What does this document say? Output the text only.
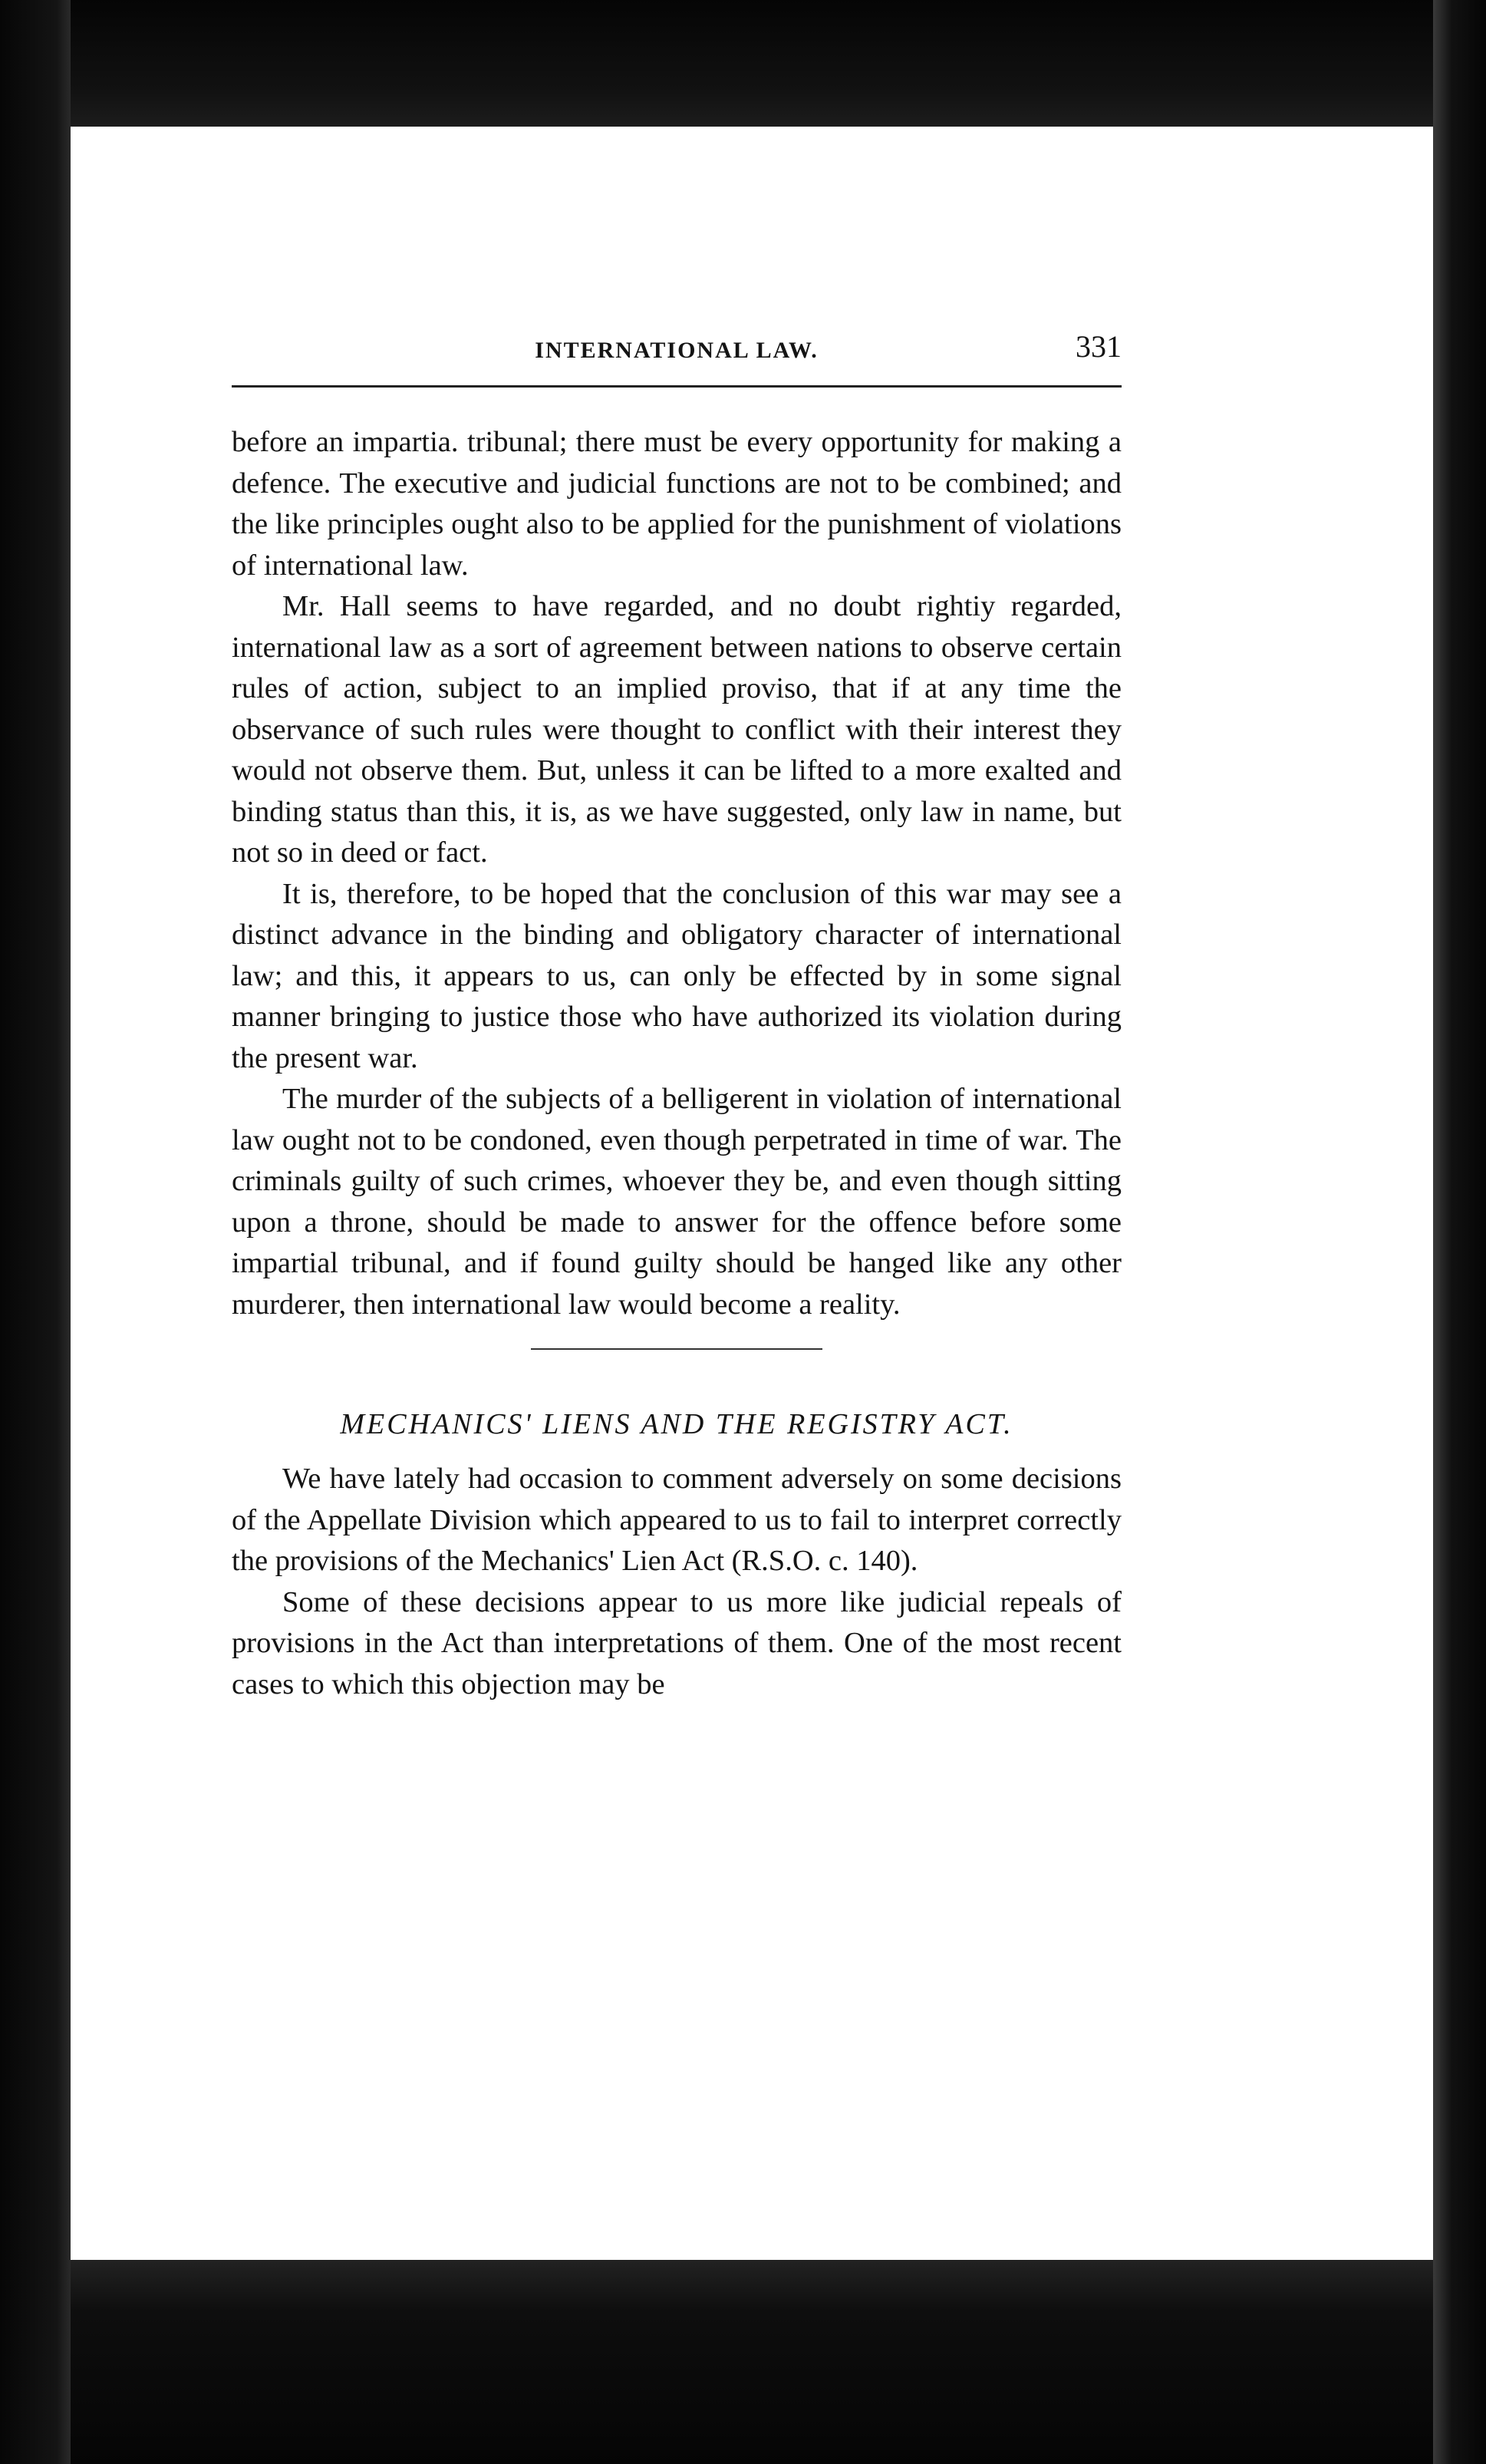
INTERNATIONAL LAW.	331

before an impartia. tribunal; there must be every opportunity for making a defence. The executive and judicial functions are not to be combined; and the like principles ought also to be applied for the punishment of violations of international law.

Mr. Hall seems to have regarded, and no doubt rightiy regarded, international law as a sort of agreement between nations to observe certain rules of action, subject to an implied proviso, that if at any time the observance of such rules were thought to conflict with their interest they would not observe them. But, unless it can be lifted to a more exalted and binding status than this, it is, as we have suggested, only law in name, but not so in deed or fact.

It is, therefore, to be hoped that the conclusion of this war may see a distinct advance in the binding and obligatory character of international law; and this, it appears to us, can only be effected by in some signal manner bringing to justice those who have authorized its violation during the present war.

The murder of the subjects of a belligerent in violation of international law ought not to be condoned, even though perpetrated in time of war. The criminals guilty of such crimes, whoever they be, and even though sitting upon a throne, should be made to answer for the offence before some impartial tribunal, and if found guilty should be hanged like any other murderer, then international law would become a reality.

MECHANICS' LIENS AND THE REGISTRY ACT.

We have lately had occasion to comment adversely on some decisions of the Appellate Division which appeared to us to fail to interpret correctly the provisions of the Mechanics' Lien Act (R.S.O. c. 140).

Some of these decisions appear to us more like judicial repeals of provisions in the Act than interpretations of them. One of the most recent cases to which this objection may be
